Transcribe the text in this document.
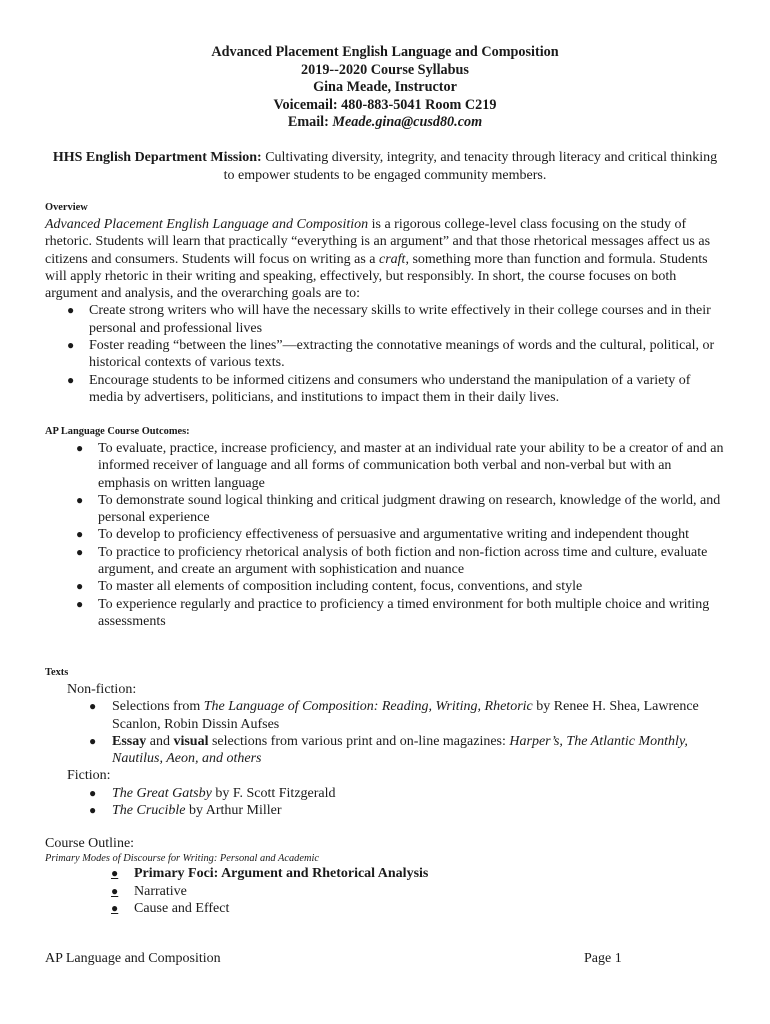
Advanced Placement English Language and Composition
2019--2020 Course Syllabus
Gina Meade, Instructor
Voicemail: 480-883-5041 Room C219
Email: Meade.gina@cusd80.com
HHS English Department Mission: Cultivating diversity, integrity, and tenacity through literacy and critical thinking to empower students to be engaged community members.
Overview
Advanced Placement English Language and Composition is a rigorous college-level class focusing on the study of rhetoric. Students will learn that practically “everything is an argument” and that those rhetorical messages affect us as citizens and consumers. Students will focus on writing as a craft, something more than function and formula. Students will apply rhetoric in their writing and speaking, effectively, but responsibly. In short, the course focuses on both argument and analysis, and the overarching goals are to:
● Create strong writers who will have the necessary skills to write effectively in their college courses and in their personal and professional lives
● Foster reading “between the lines”—extracting the connotative meanings of words and the cultural, political, or historical contexts of various texts.
● Encourage students to be informed citizens and consumers who understand the manipulation of a variety of media by advertisers, politicians, and institutions to impact them in their daily lives.
AP Language Course Outcomes:
● To evaluate, practice, increase proficiency, and master at an individual rate your ability to be a creator of and an informed receiver of language and all forms of communication both verbal and non-verbal but with an emphasis on written language
● To demonstrate sound logical thinking and critical judgment drawing on research, knowledge of the world, and personal experience
● To develop to proficiency effectiveness of persuasive and argumentative writing and independent thought
● To practice to proficiency rhetorical analysis of both fiction and non-fiction across time and culture, evaluate argument, and create an argument with sophistication and nuance
● To master all elements of composition including content, focus, conventions, and style
● To experience regularly and practice to proficiency a timed environment for both multiple choice and writing assessments
Texts
Non-fiction:
● Selections from The Language of Composition: Reading, Writing, Rhetoric by Renee H. Shea, Lawrence Scanlon, Robin Dissin Aufses
● Essay and visual selections from various print and on-line magazines: Harper’s, The Atlantic Monthly, Nautilus, Aeon, and others
Fiction:
● The Great Gatsby by F. Scott Fitzgerald
● The Crucible by Arthur Miller
Course Outline:
Primary Modes of Discourse for Writing: Personal and Academic
● Primary Foci: Argument and Rhetorical Analysis
● Narrative
● Cause and Effect
AP Language and Composition	Page 1
